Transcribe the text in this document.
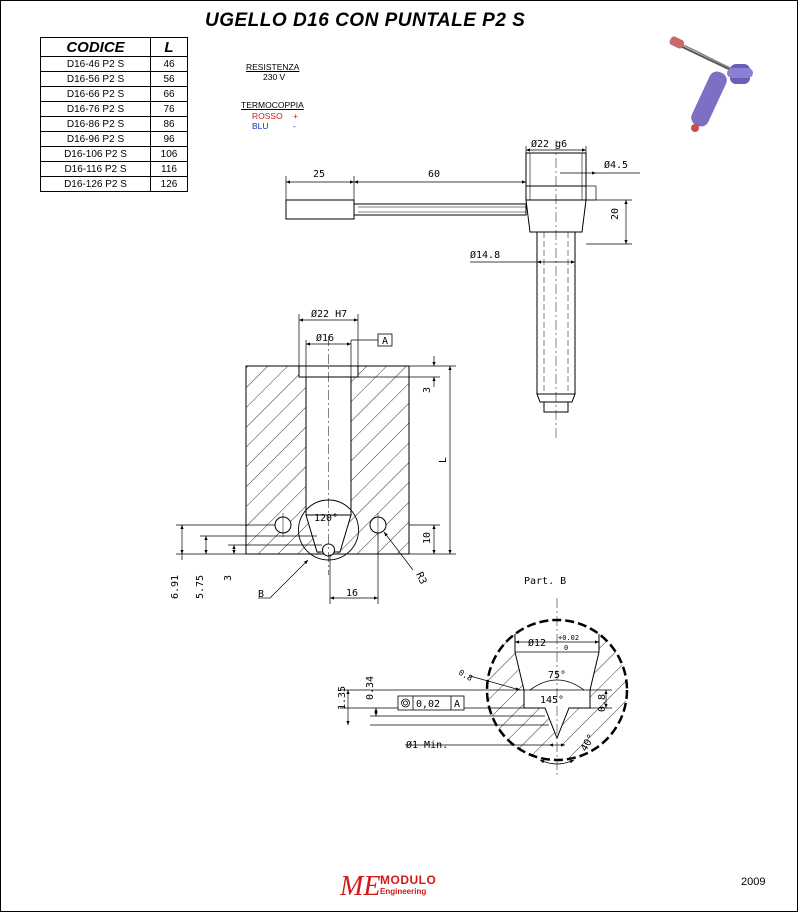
UGELLO D16 CON PUNTALE P2 S
CODICE	L
D16-46 P2 S	46
D16-56 P2 S	56
D16-66 P2 S	66
D16-76 P2 S	76
D16-86 P2 S	86
D16-96 P2 S	96
D16-106 P2 S	106
D16-116 P2 S	116
D16-126 P2 S	126
RESISTENZA
230 V
TERMOCOPPIA
ROSSO +
BLU	-
25	60
Ø22 g6
Ø4.5
20
Ø14.8
Ø22 H7
Ø16	A
3
L
120°
10
R3
6.91 5.75 3
B	16
Part. B
Ø12 +0.02
0
75°
0.8
1.35 0.34
145°	0.8
0,02 A
Ø1 Min.	40°
ME MODULO
Engineering
2009
